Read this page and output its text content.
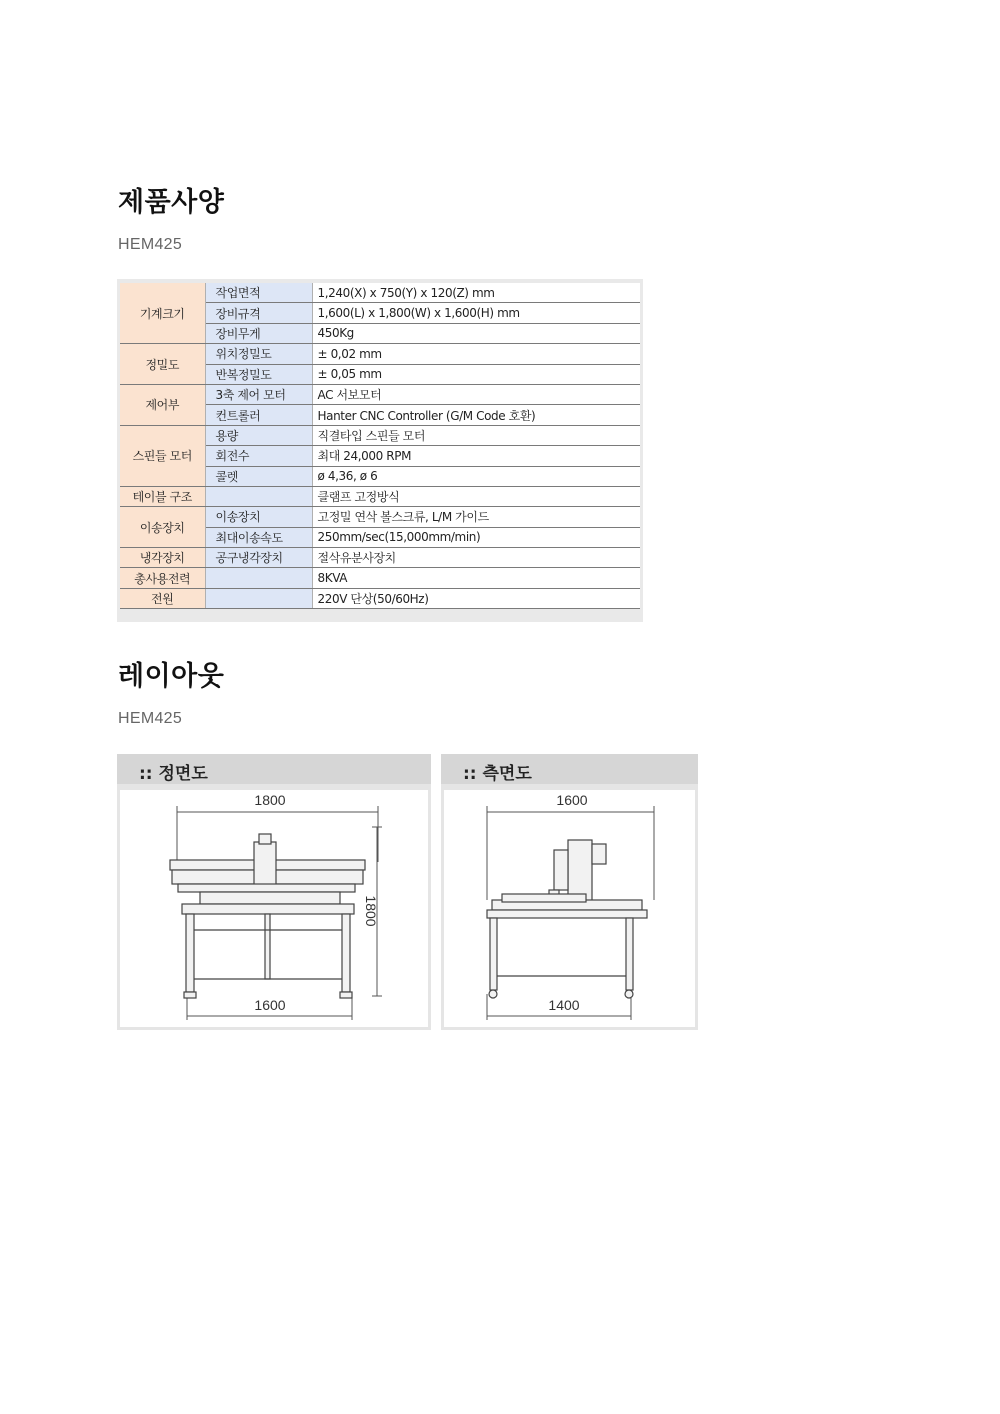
제품사양
HEM425
기계크기	작업면적	1,240(X) x 750(Y) x 120(Z) mm
	장비규격	1,600(L) x 1,800(W) x 1,600(H) mm
	장비무게	450Kg
정밀도	위치정밀도	± 0,02 mm
	반복정밀도	± 0,05 mm
제어부	3축 제어 모터	AC 서보모터
	컨트롤러	Hanter CNC Controller (G/M Code 호환)
스핀들 모터	용량	직결타입 스핀들 모터
	회전수	최대 24,000 RPM
	콜렛	ø 4,36, ø 6
테이블 구조		클램프 고정방식
이송장치	이송장치	고정밀 연삭 볼스크류, L/M 가이드
	최대이송속도	250mm/sec(15,000mm/min)
냉각장치	공구냉각장치	절삭유분사장치
총사용전력		8KVA
전원		220V 단상(50/60Hz)
레이아웃
HEM425
:: 정면도
1800
1600
1800
:: 측면도
1600
1400
